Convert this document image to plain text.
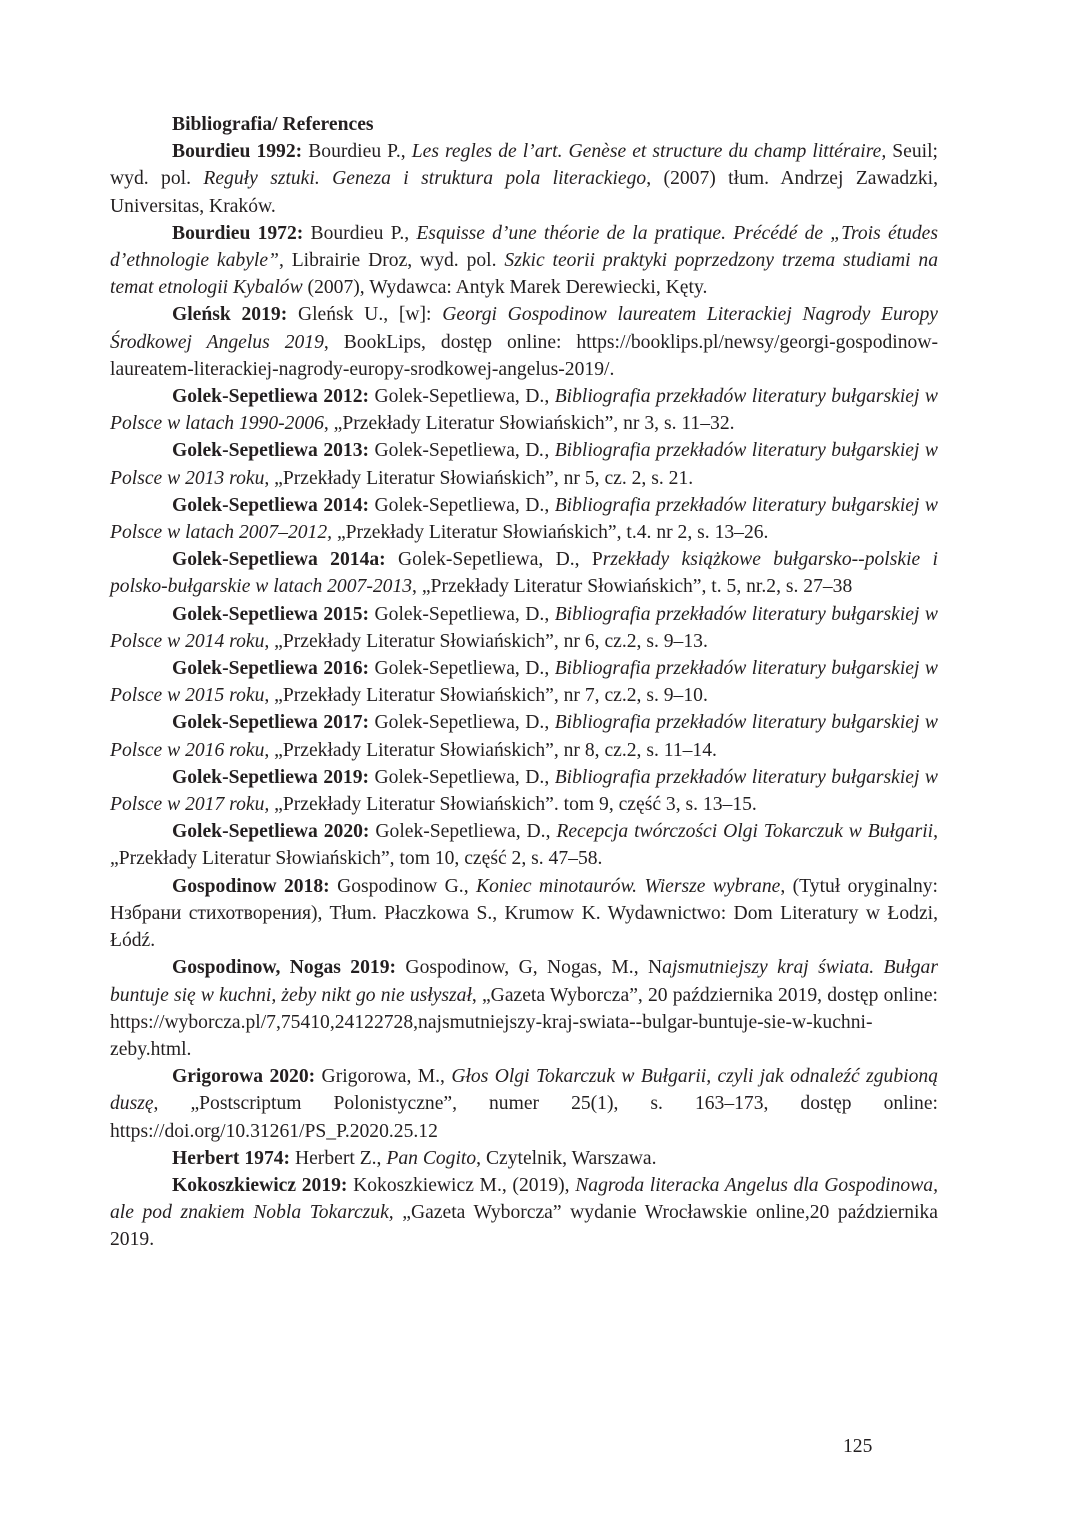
Bibliografia/ References

Bourdieu 1992: Bourdieu P., Les regles de l’art. Genèse et structure du champ littéraire, Seuil; wyd. pol. Reguły sztuki. Geneza i struktura pola literackiego, (2007) tłum. Andrzej Zawadzki, Universitas, Kraków.

Bourdieu 1972: Bourdieu P., Esquisse d’une théorie de la pratique. Précédé de „Trois études d’ethnologie kabyle”, Librairie Droz, wyd. pol. Szkic teorii praktyki poprzedzony trzema studiami na temat etnologii Kybalów (2007), Wydawca: Antyk Marek Derewiecki, Kęty.

Gleńsk 2019: Gleńsk U., [w]: Georgi Gospodinow laureatem Literackiej Nagrody Europy Środkowej Angelus 2019, BookLips, dostęp online: https://booklips.pl/newsy/georgi-gospodinow-laureatem-literackiej-nagrody-europy-srodkowej-angelus-2019/.

Golek-Sepetliewa 2012: Golek-Sepetliewa, D., Bibliografia przekładów literatury bułgarskiej w Polsce w latach 1990-2006, „Przekłady Literatur Słowiańskich”, nr 3, s. 11–32.

Golek-Sepetliewa 2013: Golek-Sepetliewa, D., Bibliografia przekładów literatury bułgarskiej w Polsce w 2013 roku, „Przekłady Literatur Słowiańskich”, nr 5, cz. 2, s. 21.

Golek-Sepetliewa 2014: Golek-Sepetliewa, D., Bibliografia przekładów literatury bułgarskiej w Polsce w latach 2007–2012, „Przekłady Literatur Słowiańskich”, t.4. nr 2, s. 13–26.

Golek-Sepetliewa 2014a: Golek-Sepetliewa, D., Przekłady książkowe bułgarsko--polskie i polsko-bułgarskie w latach 2007-2013, „Przekłady Literatur Słowiańskich”, t. 5, nr.2, s. 27–38

Golek-Sepetliewa 2015: Golek-Sepetliewa, D., Bibliografia przekładów literatury bułgarskiej w Polsce w 2014 roku, „Przekłady Literatur Słowiańskich”, nr 6, cz.2, s. 9–13.

Golek-Sepetliewa 2016: Golek-Sepetliewa, D., Bibliografia przekładów literatury bułgarskiej w Polsce w 2015 roku, „Przekłady Literatur Słowiańskich”, nr 7, cz.2, s. 9–10.

Golek-Sepetliewa 2017: Golek-Sepetliewa, D., Bibliografia przekładów literatury bułgarskiej w Polsce w 2016 roku, „Przekłady Literatur Słowiańskich”, nr 8, cz.2, s. 11–14.

Golek-Sepetliewa 2019: Golek-Sepetliewa, D., Bibliografia przekładów literatury bułgarskiej w Polsce w 2017 roku, „Przekłady Literatur Słowiańskich”. tom 9, część 3, s. 13–15.

Golek-Sepetliewa 2020: Golek-Sepetliewa, D., Recepcja twórczości Olgi Tokarczuk w Bułgarii, „Przekłady Literatur Słowiańskich”, tom 10, część 2, s. 47–58.

Gospodinow 2018: Gospodinow G., Koniec minotaurów. Wiersze wybrane, (Tytuł oryginalny: Нзбрани стихотворения), Tłum. Płaczkowa S., Krumow K. Wydawnictwo: Dom Literatury w Łodzi, Łódź.

Gospodinow, Nogas 2019: Gospodinow, G, Nogas, M., Najsmutniejszy kraj świata. Bułgar buntuje się w kuchni, żeby nikt go nie usłyszał, „Gazeta Wyborcza”, 20 października 2019, dostęp online: https://wyborcza.pl/7,75410,24122728,najsmutniejszy-kraj-swiata--bulgar-buntuje-sie-w-kuchni-zeby.html.

Grigorowa 2020: Grigorowa, M., Głos Olgi Tokarczuk w Bułgarii, czyli jak odnaleźć zgubioną duszę, „Postscriptum Polonistyczne”, numer 25(1), s. 163–173, dostęp online: https://doi.org/10.31261/PS_P.2020.25.12

Herbert 1974: Herbert Z., Pan Cogito, Czytelnik, Warszawa.

Kokoszkiewicz 2019: Kokoszkiewicz M., (2019), Nagroda literacka Angelus dla Gospodinowa, ale pod znakiem Nobla Tokarczuk, „Gazeta Wyborcza” wydanie Wrocławskie online,20 października 2019.

125
